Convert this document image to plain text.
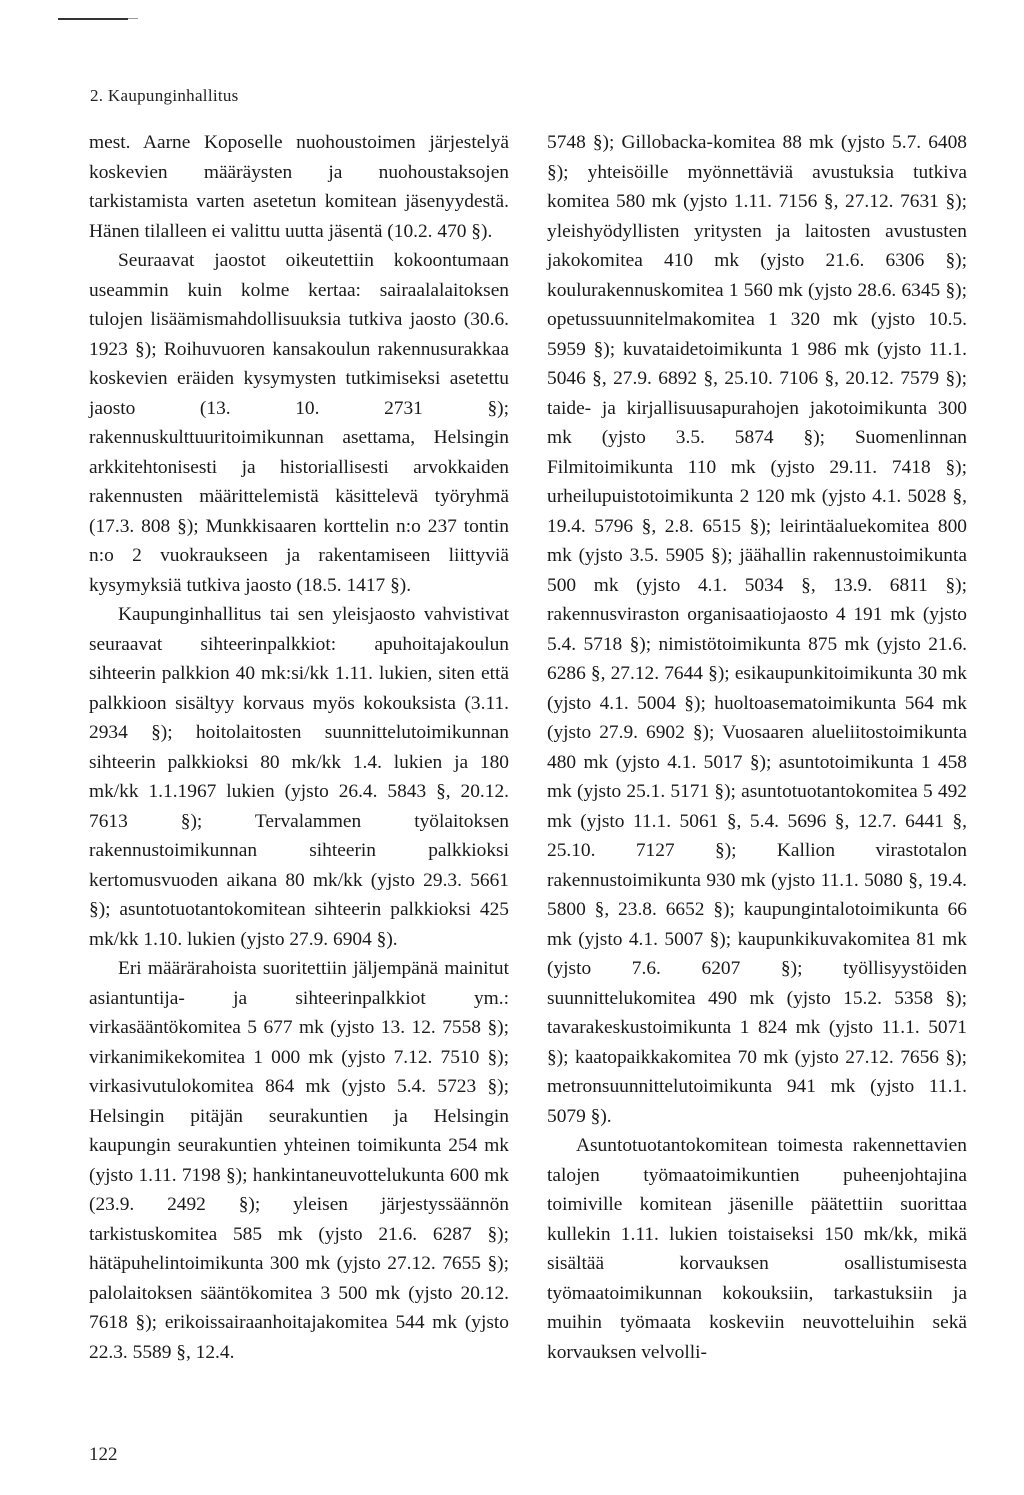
2. Kaupunginhallitus

mest. Aarne Koposelle nuohoustoimen järjestelyä koskevien määräysten ja nuohoustaksojen tarkistamista varten asetetun komitean jäsenyydestä. Hänen tilalleen ei valittu uutta jäsentä (10.2. 470 §).

Seuraavat jaostot oikeutettiin kokoontumaan useammin kuin kolme kertaa: sairaalalaitoksen tulojen lisäämismahdollisuuksia tutkiva jaosto (30.6. 1923 §); Roihuvuoren kansakoulun rakennusurakkaa koskevien eräiden kysymysten tutkimiseksi asetettu jaosto (13. 10. 2731 §); rakennuskulttuuritoimikunnan asettama, Helsingin arkkitehtonisesti ja historiallisesti arvokkaiden rakennusten määrittelemistä käsittelevä työryhmä (17.3. 808 §); Munkkisaaren korttelin n:o 237 tontin n:o 2 vuokraukseen ja rakentamiseen liittyviä kysymyksiä tutkiva jaosto (18.5. 1417 §).

Kaupunginhallitus tai sen yleisjaosto vahvistivat seuraavat sihteerinpalkkiot: apuhoitajakoulun sihteerin palkkion 40 mk:si/kk 1.11. lukien, siten että palkkioon sisältyy korvaus myös kokouksista (3.11. 2934 §); hoitolaitosten suunnittelutoimikunnan sihteerin palkkioksi 80 mk/kk 1.4. lukien ja 180 mk/kk 1.1.1967 lukien (yjsto 26.4. 5843 §, 20.12. 7613 §); Tervalammen työlaitoksen rakennustoimikunnan sihteerin palkkioksi kertomusvuoden aikana 80 mk/kk (yjsto 29.3. 5661 §); asuntotuotantokomitean sihteerin palkkioksi 425 mk/kk 1.10. lukien (yjsto 27.9. 6904 §).

Eri määrärahoista suoritettiin jäljempänä mainitut asiantuntija- ja sihteerinpalkkiot ym.: virkasääntökomitea 5 677 mk (yjsto 13. 12. 7558 §); virkanimikekomitea 1 000 mk (yjsto 7.12. 7510 §); virkasivutulokomitea 864 mk (yjsto 5.4. 5723 §); Helsingin pitäjän seurakuntien ja Helsingin kaupungin seurakuntien yhteinen toimikunta 254 mk (yjsto 1.11. 7198 §); hankintaneuvottelukunta 600 mk (23.9. 2492 §); yleisen järjestyssäännön tarkistuskomitea 585 mk (yjsto 21.6. 6287 §); hätäpuhelintoimikunta 300 mk (yjsto 27.12. 7655 §); palolaitoksen sääntökomitea 3 500 mk (yjsto 20.12. 7618 §); erikoissairaanhoitajakomitea 544 mk (yjsto 22.3. 5589 §, 12.4.

5748 §); Gillobacka-komitea 88 mk (yjsto 5.7. 6408 §); yhteisöille myönnettäviä avustuksia tutkiva komitea 580 mk (yjsto 1.11. 7156 §, 27.12. 7631 §); yleishyödyllisten yritysten ja laitosten avustusten jakokomitea 410 mk (yjsto 21.6. 6306 §); koulurakennuskomitea 1 560 mk (yjsto 28.6. 6345 §); opetussuunnitelmakomitea 1 320 mk (yjsto 10.5. 5959 §); kuvataidetoimikunta 1 986 mk (yjsto 11.1. 5046 §, 27.9. 6892 §, 25.10. 7106 §, 20.12. 7579 §); taide- ja kirjallisuusapurahojen jakotoimikunta 300 mk (yjsto 3.5. 5874 §); Suomenlinnan Filmitoimikunta 110 mk (yjsto 29.11. 7418 §); urheilupuistotoimikunta 2 120 mk (yjsto 4.1. 5028 §, 19.4. 5796 §, 2.8. 6515 §); leirintäaluekomitea 800 mk (yjsto 3.5. 5905 §); jäähallin rakennustoimikunta 500 mk (yjsto 4.1. 5034 §, 13.9. 6811 §); rakennusviraston organisaatiojaosto 4 191 mk (yjsto 5.4. 5718 §); nimistötoimikunta 875 mk (yjsto 21.6. 6286 §, 27.12. 7644 §); esikaupunkitoimikunta 30 mk (yjsto 4.1. 5004 §); huoltoasematoimikunta 564 mk (yjsto 27.9. 6902 §); Vuosaaren alueliitostoimikunta 480 mk (yjsto 4.1. 5017 §); asuntotoimikunta 1 458 mk (yjsto 25.1. 5171 §); asuntotuotantokomitea 5 492 mk (yjsto 11.1. 5061 §, 5.4. 5696 §, 12.7. 6441 §, 25.10. 7127 §); Kallion virastotalon rakennustoimikunta 930 mk (yjsto 11.1. 5080 §, 19.4. 5800 §, 23.8. 6652 §); kaupungintalotoimikunta 66 mk (yjsto 4.1. 5007 §); kaupunkikuvakomitea 81 mk (yjsto 7.6. 6207 §); työllisyystöiden suunnittelukomitea 490 mk (yjsto 15.2. 5358 §); tavarakeskustoimikunta 1 824 mk (yjsto 11.1. 5071 §); kaatopaikkakomitea 70 mk (yjsto 27.12. 7656 §); metronsuunnittelutoimikunta 941 mk (yjsto 11.1. 5079 §).

Asuntotuotantokomitean toimesta rakennettavien talojen työmaatoimikuntien puheenjohtajina toimiville komitean jäsenille päätettiin suorittaa kullekin 1.11. lukien toistaiseksi 150 mk/kk, mikä sisältää korvauksen osallistumisesta työmaatoimikunnan kokouksiin, tarkastuksiin ja muihin työmaata koskeviin neuvotteluihin sekä korvauksen velvolli-

122
